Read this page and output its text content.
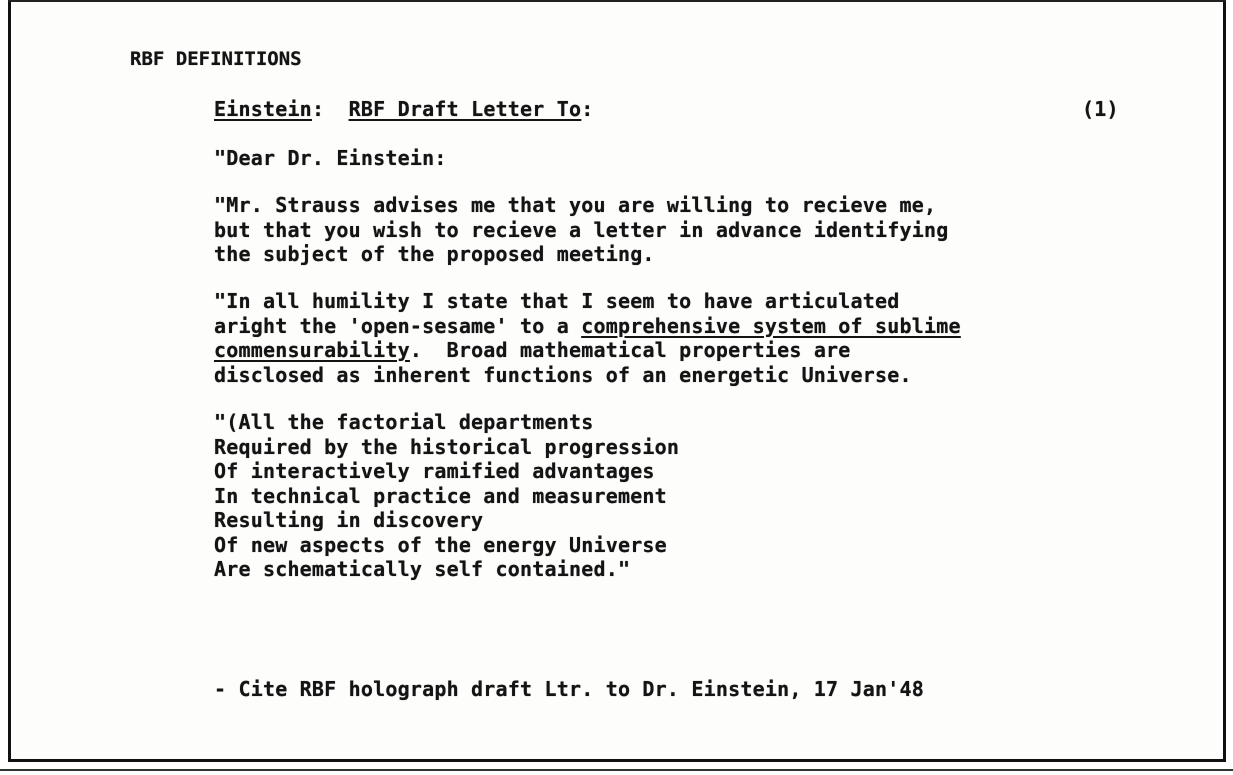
RBF DEFINITIONS
Einstein:  RBF Draft Letter To:	(1)
"Dear Dr. Einstein:
"Mr. Strauss advises me that you are willing to recieve me,
but that you wish to recieve a letter in advance identifying
the subject of the proposed meeting.
"In all humility I state that I seem to have articulated
aright the 'open-sesame' to a comprehensive system of sublime
commensurability.  Broad mathematical properties are
disclosed as inherent functions of an energetic Universe.
"(All the factorial departments
Required by the historical progression
Of interactively ramified advantages
In technical practice and measurement
Resulting in discovery
Of new aspects of the energy Universe
Are schematically self contained."
- Cite RBF holograph draft Ltr. to Dr. Einstein, 17 Jan'48
